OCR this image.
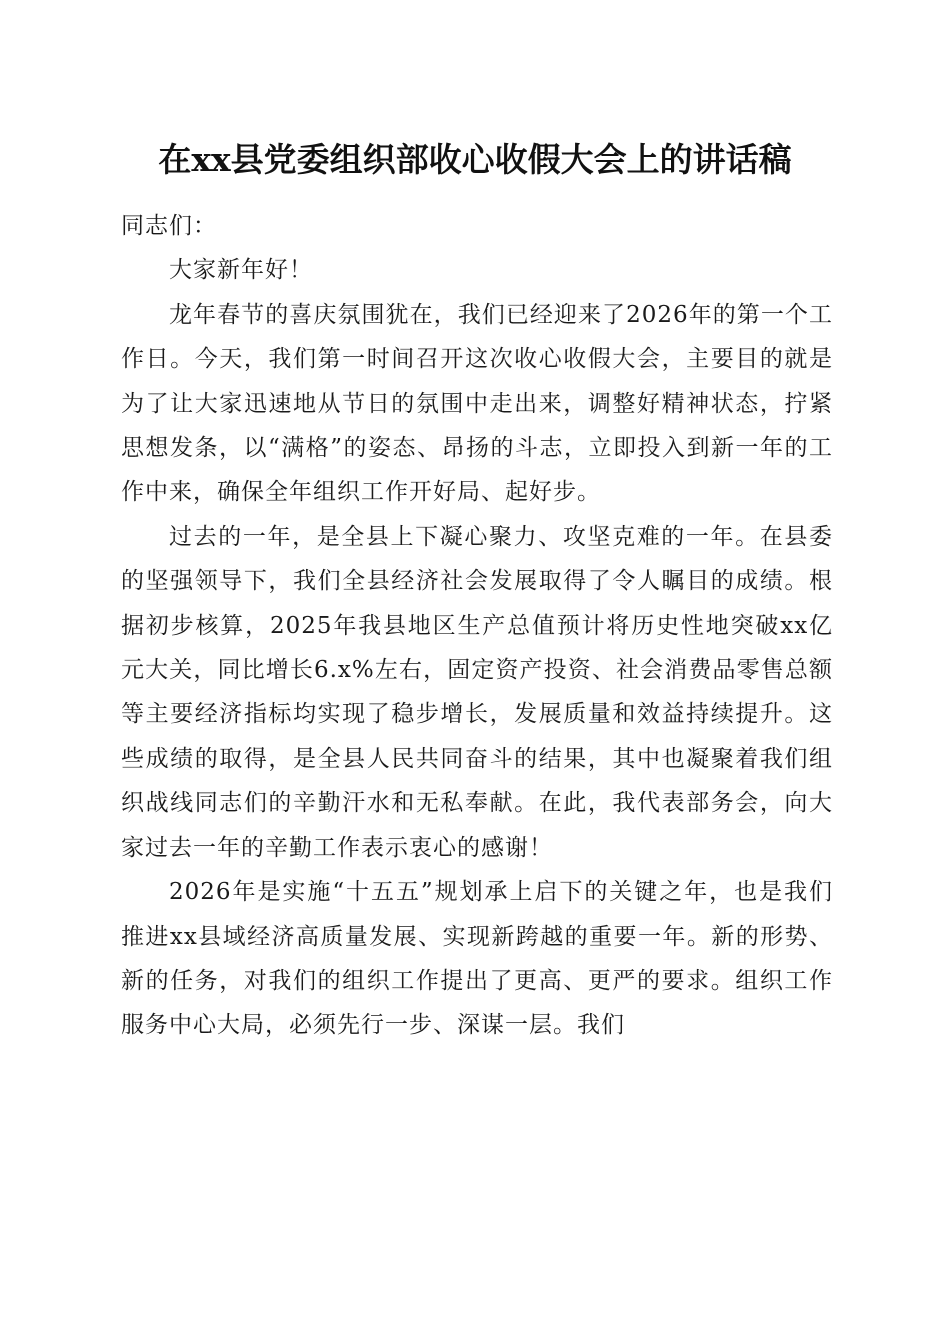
在xx县党委组织部收心收假大会上的讲话稿

同志们：

大家新年好！

龙年春节的喜庆氛围犹在，我们已经迎来了2026年的第一个工作日。今天，我们第一时间召开这次收心收假大会，主要目的就是为了让大家迅速地从节日的氛围中走出来，调整好精神状态，拧紧思想发条，以“满格”的姿态、昂扬的斗志，立即投入到新一年的工作中来，确保全年组织工作开好局、起好步。

过去的一年，是全县上下凝心聚力、攻坚克难的一年。在县委的坚强领导下，我们全县经济社会发展取得了令人瞩目的成绩。根据初步核算，2025年我县地区生产总值预计将历史性地突破xx亿元大关，同比增长6.x%左右，固定资产投资、社会消费品零售总额等主要经济指标均实现了稳步增长，发展质量和效益持续提升。这些成绩的取得，是全县人民共同奋斗的结果，其中也凝聚着我们组织战线同志们的辛勤汗水和无私奉献。在此，我代表部务会，向大家过去一年的辛勤工作表示衷心的感谢！

2026年是实施“十五五”规划承上启下的关键之年，也是我们推进xx县域经济高质量发展、实现新跨越的重要一年。新的形势、新的任务，对我们的组织工作提出了更高、更严的要求。组织工作服务中心大局，必须先行一步、深谋一层。我们
